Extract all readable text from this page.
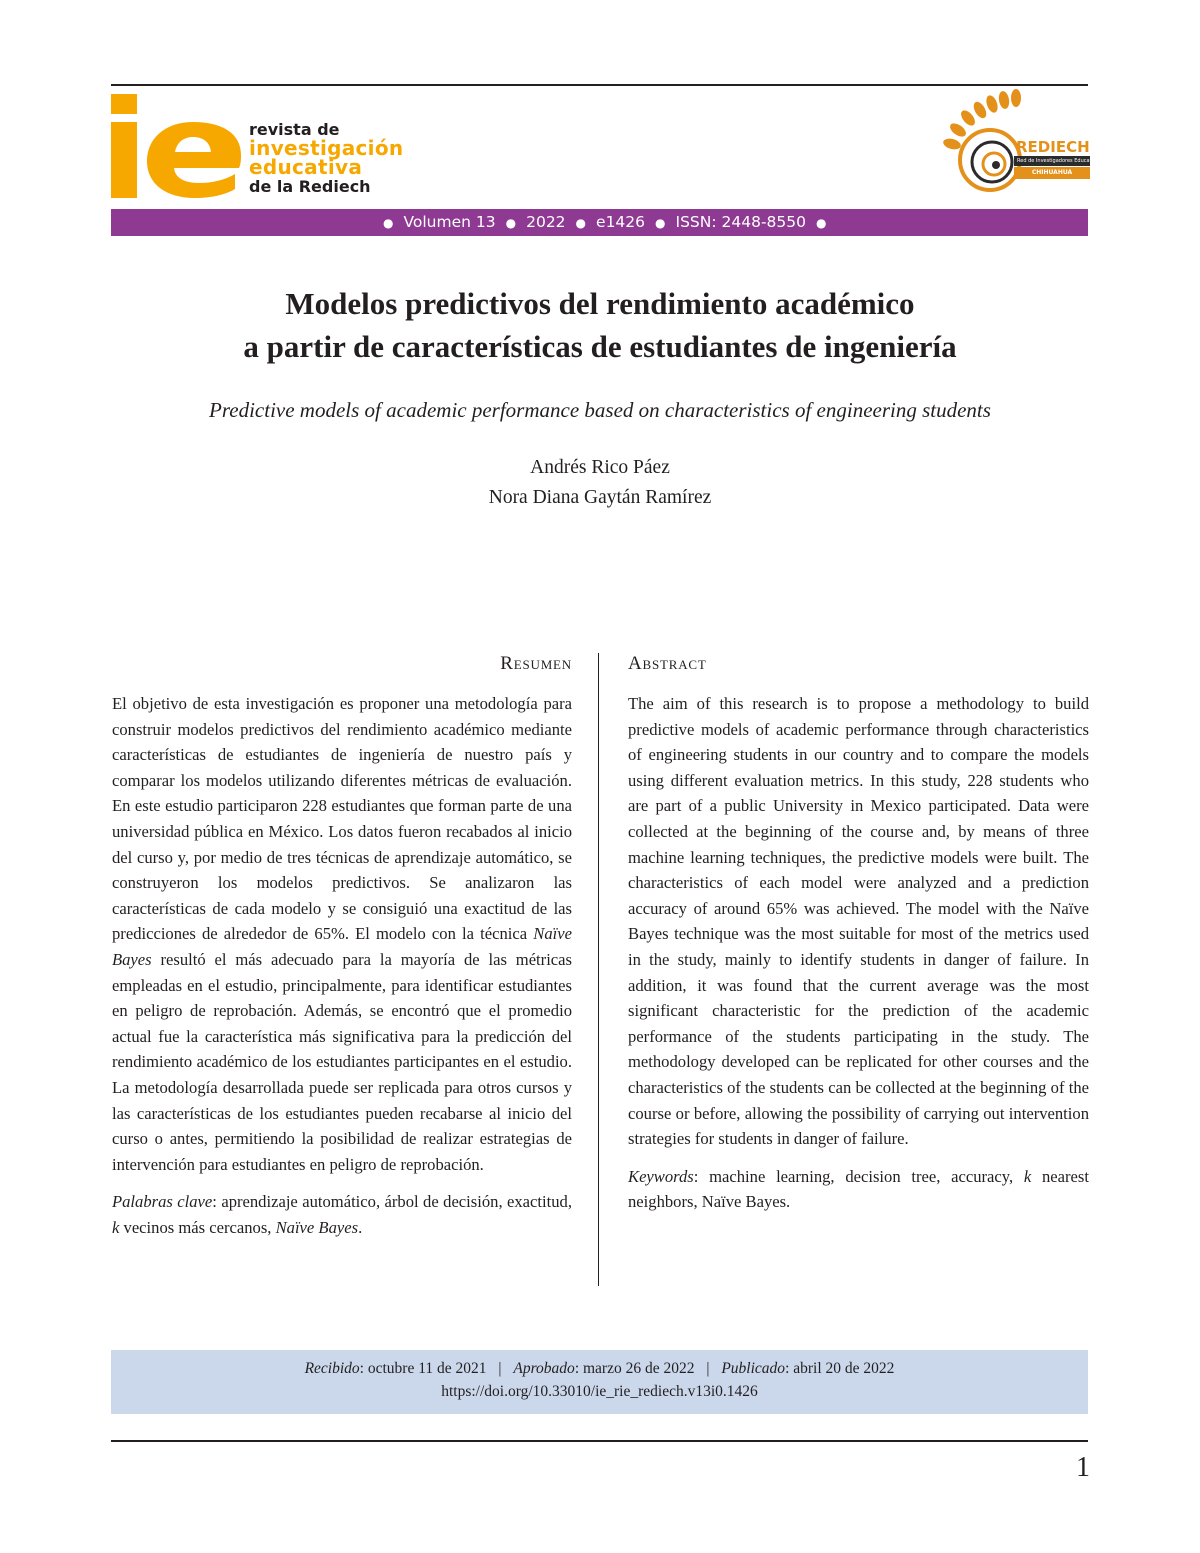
revista de
investigación
educativa
de la Rediech
REDIECH
Red de Investigadores Educativos
CHIHUAHUA
● Volumen 13 ● 2022 ● e1426 ● ISSN: 2448-8550 ●
Modelos predictivos del rendimiento académico
a partir de características de estudiantes de ingeniería
Predictive models of academic performance based on characteristics of engineering students
Andrés Rico Páez
Nora Diana Gaytán Ramírez
Resumen

El objetivo de esta investigación es proponer una metodología para construir modelos predictivos del rendimiento académico mediante características de estudiantes de ingeniería de nuestro país y comparar los modelos utilizando diferentes métricas de evaluación. En este estudio participaron 228 estudiantes que forman parte de una universidad pública en México. Los datos fueron recabados al inicio del curso y, por medio de tres técnicas de aprendizaje automático, se construyeron los modelos predictivos. Se analizaron las características de cada modelo y se consiguió una exactitud de las predicciones de alrededor de 65%. El modelo con la técnica Naïve Bayes resultó el más adecuado para la mayoría de las métricas empleadas en el estudio, principalmente, para identificar estudiantes en peligro de reprobación. Además, se encontró que el promedio actual fue la característica más significativa para la predicción del rendimiento académico de los estudiantes participantes en el estudio. La metodología desarrollada puede ser replicada para otros cursos y las características de los estudiantes pueden recabarse al inicio del curso o antes, permitiendo la posibilidad de realizar estrategias de intervención para estudiantes en peligro de reprobación.

Palabras clave: aprendizaje automático, árbol de decisión, exactitud, k vecinos más cercanos, Naïve Bayes.

Abstract

The aim of this research is to propose a methodology to build predictive models of academic performance through characteristics of engineering students in our country and to compare the models using different evaluation metrics. In this study, 228 students who are part of a public University in Mexico participated. Data were collected at the beginning of the course and, by means of three machine learning techniques, the predictive models were built. The characteristics of each model were analyzed and a prediction accuracy of around 65% was achieved. The model with the Naïve Bayes technique was the most suitable for most of the metrics used in the study, mainly to identify students in danger of failure. In addition, it was found that the current average was the most significant characteristic for the prediction of the academic performance of the students participating in the study. The methodology developed can be replicated for other courses and the characteristics of the students can be collected at the beginning of the course or before, allowing the possibility of carrying out intervention strategies for students in danger of failure.

Keywords: machine learning, decision tree, accuracy, k nearest neighbors, Naïve Bayes.

Recibido: octubre 11 de 2021 | Aprobado: marzo 26 de 2022 | Publicado: abril 20 de 2022
https://doi.org/10.33010/ie_rie_rediech.v13i0.1426
1
